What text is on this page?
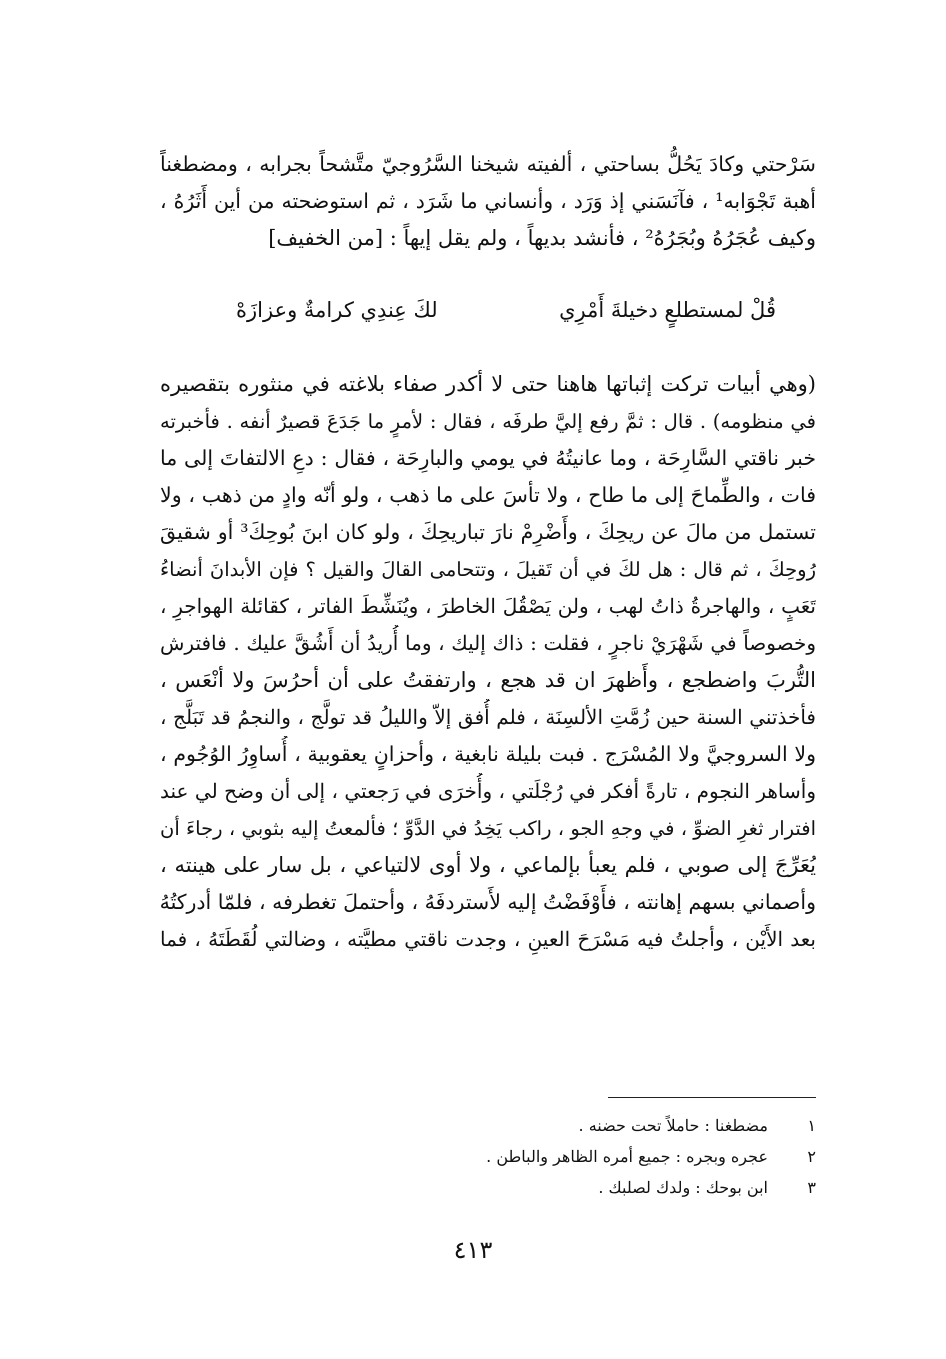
سَرْحتي وكادَ يَحُلُّ بساحتي ، ألفيته شيخنا السَّرُوجيّ متَّشحاً بجرابه ، ومضطغناً
أهبة تَجْوَابه¹ ، فآنَسَني إذ وَرَد ، وأنساني ما شَرَد ، ثم استوضحته من أين أَثَرُهُ ،
وكيف عُجَرُهُ وبُجَرُهُ² ، فأنشد بديهاً ، ولم يقل إيهاً : [من الخفيف]
قُلْ لمستطلعٍ دخيلةَ أَمْرِي
لكَ عِندِي كرامةٌ وعزازَهْ
(وهي أبيات تركت إثباتها هاهنا حتى لا أكدر صفاء بلاغته في منثوره بتقصيره
في منظومه) . قال : ثمَّ رفع إليَّ طرفَه ، فقال : لأمرٍ ما جَدَعَ قصيرٌ أنفه . فأخبرته
خبر ناقتي السَّارِحَة ، وما عانيتُهُ في يومي والبارِحَة ، فقال : دعِ الالتفاتَ إلى ما
فات ، والطِّماحَ إلى ما طاح ، ولا تأسَ على ما ذهب ، ولو أنّه وادٍ من ذهب ، ولا
تستمل من مالَ عن ريحِكَ ، وأَضْرِمْ نارَ تباريحِكَ ، ولو كان ابنَ بُوحِكَ³ أو شقيقَ
رُوحِكَ ، ثم قال : هل لكَ في أن تَقيلَ ، وتتحامى القالَ والقيل ؟ فإن الأبدانَ أنضاءُ
تَعَبٍ ، والهاجرةُ ذاتُ لهب ، ولن يَصْقُلَ الخاطرَ ، ويُنَشِّطَ الفاتر ، كقائلة الهواجرِ ،
وخصوصاً في شَهْرَيْ ناجرٍ ، فقلت : ذاك إليك ، وما أُريدُ أن أَشُقَّ عليك . فافترش
التُّربَ واضطجع ، وأَظهرَ ان قد هجع ، وارتفقتُ على أن أحرُسَ ولا أنْعَس ،
فأخذتني السنة حين زُمَّتِ الألسِنَة ، فلم أُفق إلاّ والليلُ قد تولَّج ، والنجمُ قد تَبَلَّج ،
ولا السروجيَّ ولا المُسْرَج . فبت بليلة نابغية ، وأحزانٍ يعقوبية ، أُساوِرُ الوُجُوم ،
وأساهر النجوم ، تارةً أفكر في رُجْلَتي ، وأُخرَى في رَجعتي ، إلى أن وضح لي عند
افترار ثغرِ الضوِّ ، في وجهِ الجو ، راكب يَخِدُ في الدَّوِّ ؛ فألمعتُ إليه بثوبي ، رجاءَ أن
يُعَرِّجَ إلى صوبي ، فلم يعبأ بإلماعي ، ولا أوى لالتياعي ، بل سار على هينته ،
وأصماني بسهم إهانته ، فأَوْفَضْتُ إليه لأَستردفَهُ ، وأحتملَ تغطرفه ، فلمّا أدركتُهُ
بعد الأَيْن ، وأجلتُ فيه مَسْرَحَ العينِ ، وجدت ناقتي مطيَّته ، وضالتي لُقَطَتَهُ ، فما
١
مضطغنا : حاملاً تحت حضنه .
٢
عجره وبجره : جميع أمره الظاهر والباطن .
٣
ابن بوحك : ولدك لصلبك .
٤١٣
